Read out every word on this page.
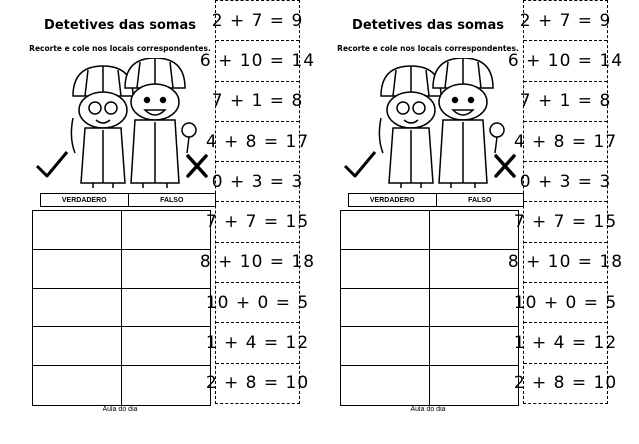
Detetives das somas
Recorte e cole nos locais correspondentes.
VERDADERO	FALSO
2 + 7 = 9
6 + 10 = 14
7 + 1 = 8
4 + 8 = 17
0 + 3 = 3
7 + 7 = 15
8 + 10 = 18
10 + 0 = 5
1 + 4 = 12
2 + 8 = 10
Aula do dia
Detetives das somas
Recorte e cole nos locais correspondentes.
VERDADERO	FALSO
2 + 7 = 9
6 + 10 = 14
7 + 1 = 8
4 + 8 = 17
0 + 3 = 3
7 + 7 = 15
8 + 10 = 18
10 + 0 = 5
1 + 4 = 12
2 + 8 = 10
Aula do dia
